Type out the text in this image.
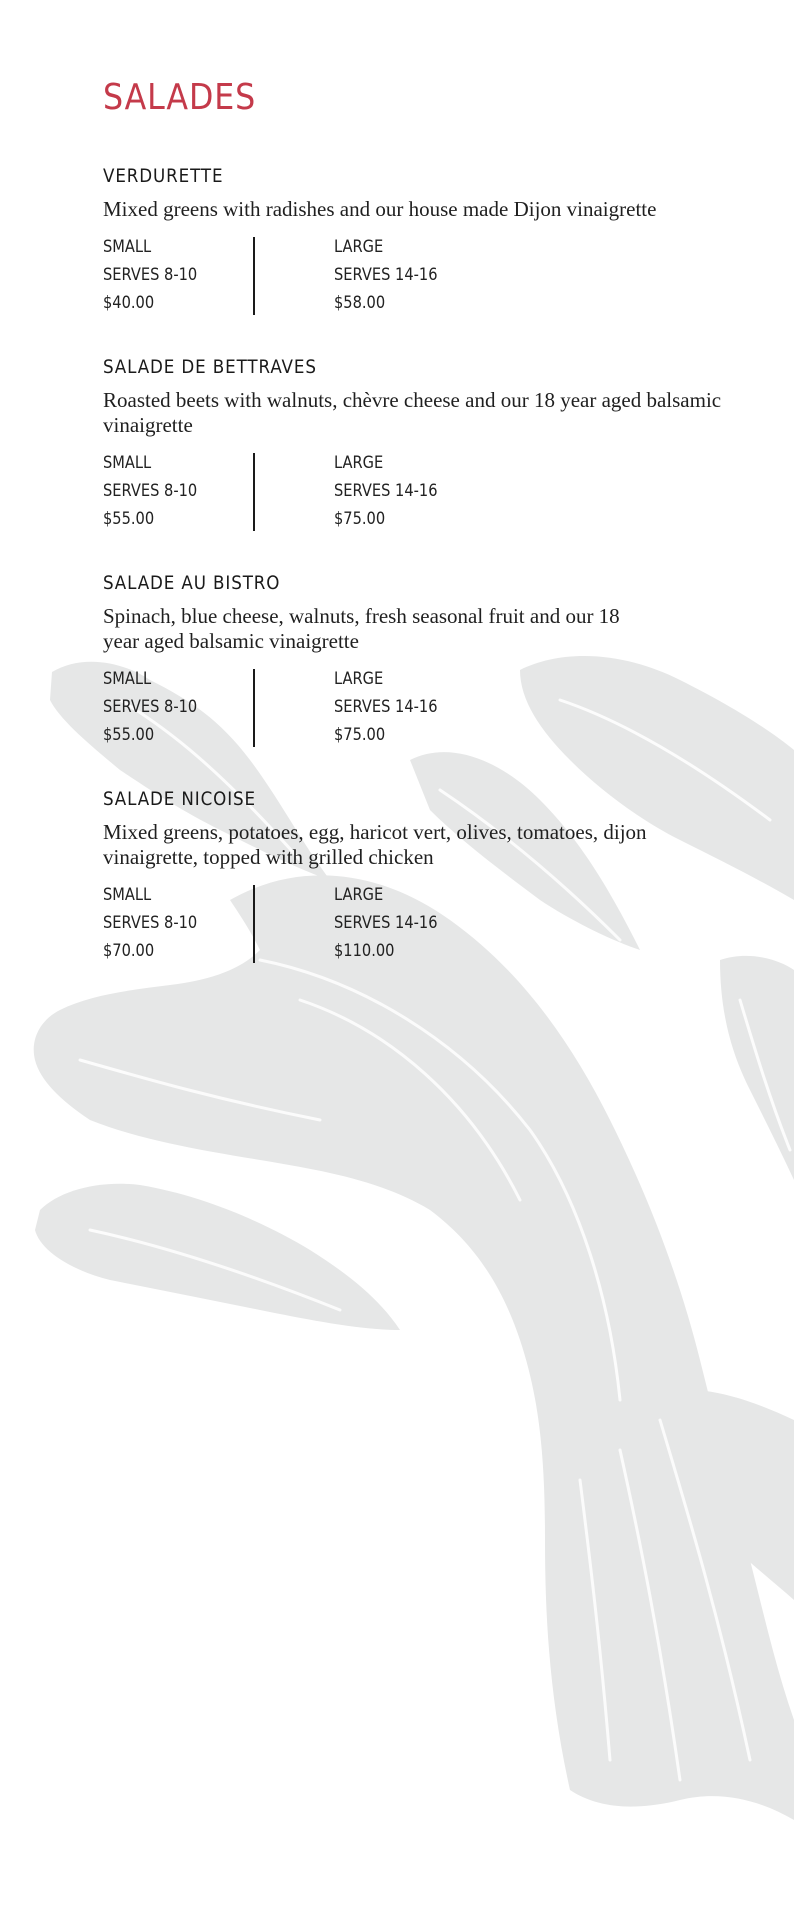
SALADES
VERDURETTE
Mixed greens with radishes and our house made Dijon vinaigrette
SMALL
SERVES 8-10
$40.00
LARGE
SERVES 14-16
$58.00
SALADE DE BETTRAVES
Roasted beets with walnuts, chèvre cheese and our 18 year aged balsamic vinaigrette
SMALL
SERVES 8-10
$55.00
LARGE
SERVES 14-16
$75.00
SALADE AU BISTRO
Spinach, blue cheese, walnuts, fresh seasonal fruit and our 18 year aged balsamic vinaigrette
SMALL
SERVES 8-10
$55.00
LARGE
SERVES 14-16
$75.00
SALADE NICOISE
Mixed greens, potatoes, egg, haricot vert, olives, tomatoes, dijon vinaigrette, topped with grilled chicken
SMALL
SERVES 8-10
$70.00
LARGE
SERVES 14-16
$110.00
